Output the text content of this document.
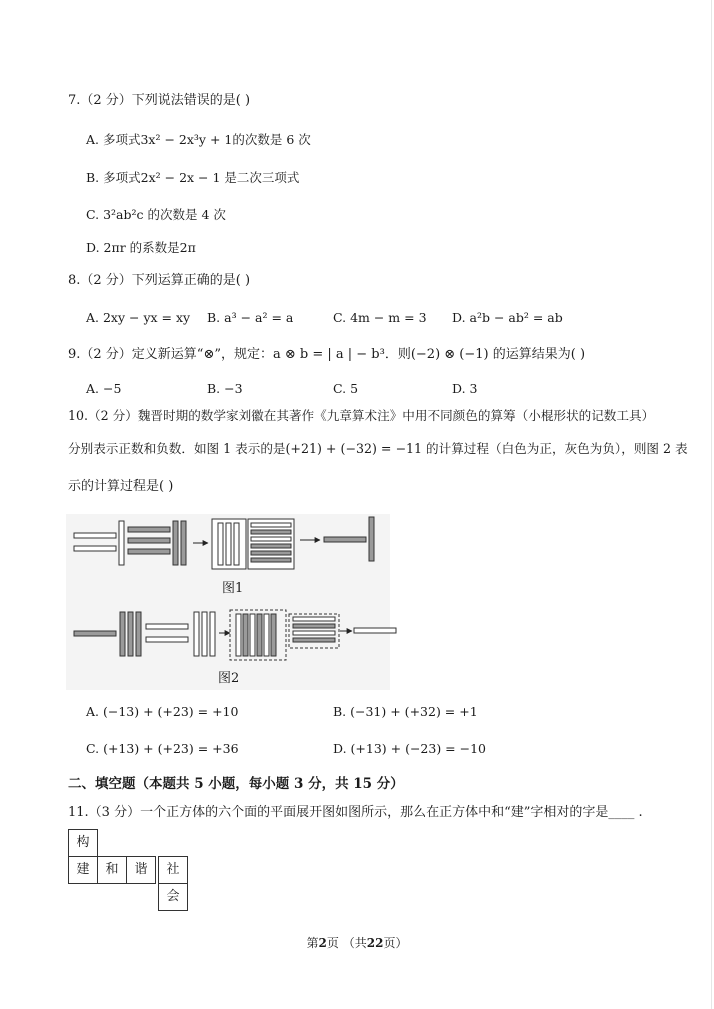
7.（2 分）下列说法错误的是( )
A. 多项式3x² − 2x³y + 1的次数是 6 次
B. 多项式2x² − 2x − 1 是二次三项式
C. 3²ab²c 的次数是 4 次
D. 2πr 的系数是2π
8.（2 分）下列运算正确的是( )
A. 2xy − yx = xy B. a³ − a² = a	C. 4m − m = 3 D. a²b − ab² = ab
9.（2 分）定义新运算“⊗”，规定：a ⊗ b = | a | − b³．则(−2) ⊗ (−1) 的运算结果为( )
A. −5	B. −3	C. 5	D. 3
10.（2 分）魏晋时期的数学家刘徽在其著作《九章算术注》中用不同颜色的算筹（小棍形状的记数工具）
分别表示正数和负数．如图 1 表示的是(+21) + (−32) = −11 的计算过程（白色为正，灰色为负），则图 2 表
示的计算过程是( )
图1
图2
A. (−13) + (+23) = +10	B. (−31) + (+32) = +1
C. (+13) + (+23) = +36	D. (+13) + (−23) = −10
二、填空题（本题共 5 小题，每小题 3 分，共 15 分）
11.（3 分）一个正方体的六个面的平面展开图如图所示，那么在正方体中和“建”字相对的字是____ .
构
建	和	谐	社
会
第2页 （共22页）
